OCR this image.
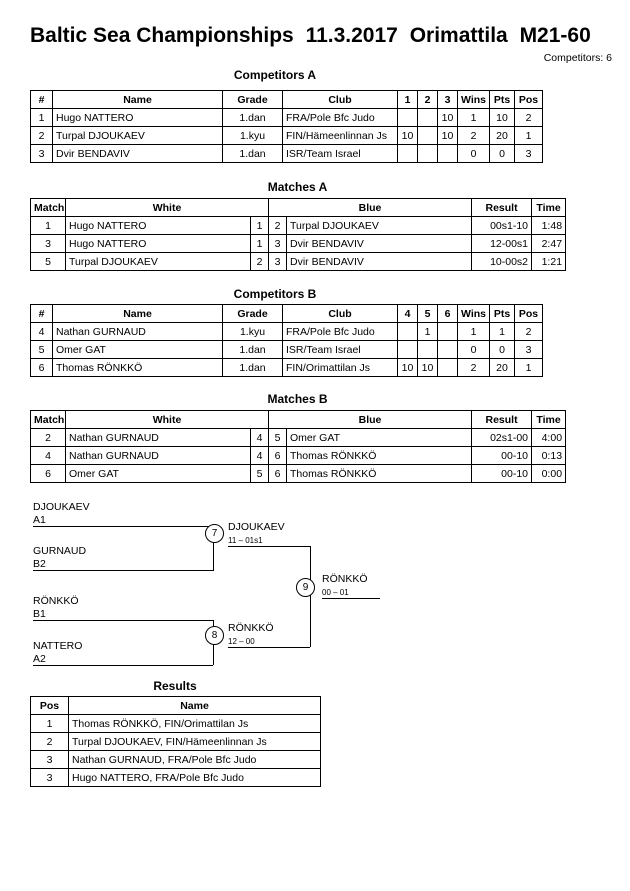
Baltic Sea Championships 11.3.2017 Orimattila M21-60
Competitors: 6
Competitors A
#	Name	Grade	Club	1	2	3	Wins	Pts	Pos
1	Hugo NATTERO	1.dan	FRA/Pole Bfc Judo			10	1	10	2
2	Turpal DJOUKAEV	1.kyu	FIN/Hämeenlinnan Js	10		10	2	20	1
3	Dvir BENDAVIV	1.dan	ISR/Team Israel				0	0	3
Matches A
Match	White		Blue		Result	Time
1	Hugo NATTERO	1	2	Turpal DJOUKAEV	00s1-10	1:48
3	Hugo NATTERO	1	3	Dvir BENDAVIV	12-00s1	2:47
5	Turpal DJOUKAEV	2	3	Dvir BENDAVIV	10-00s2	1:21
Competitors B
#	Name	Grade	Club	4	5	6	Wins	Pts	Pos
4	Nathan GURNAUD	1.kyu	FRA/Pole Bfc Judo		1		1	1	2
5	Omer GAT	1.dan	ISR/Team Israel				0	0	3
6	Thomas RÖNKKÖ	1.dan	FIN/Orimattilan Js	10	10		2	20	1
Matches B
Match	White		Blue		Result	Time
2	Nathan GURNAUD	4	5	Omer GAT	02s1-00	4:00
4	Nathan GURNAUD	4	6	Thomas RÖNKKÖ	00-10	0:13
6	Omer GAT	5	6	Thomas RÖNKKÖ	00-10	0:00
DJOUKAEV
A1
GURNAUD
B2
7
DJOUKAEV
11 – 01s1
RÖNKKÖ
B1
NATTERO
A2
8
RÖNKKÖ
12 – 00
9
RÖNKKÖ
00 – 01
Results
Pos	Name
1	Thomas RÖNKKÖ, FIN/Orimattilan Js
2	Turpal DJOUKAEV, FIN/Hämeenlinnan Js
3	Nathan GURNAUD, FRA/Pole Bfc Judo
3	Hugo NATTERO, FRA/Pole Bfc Judo
